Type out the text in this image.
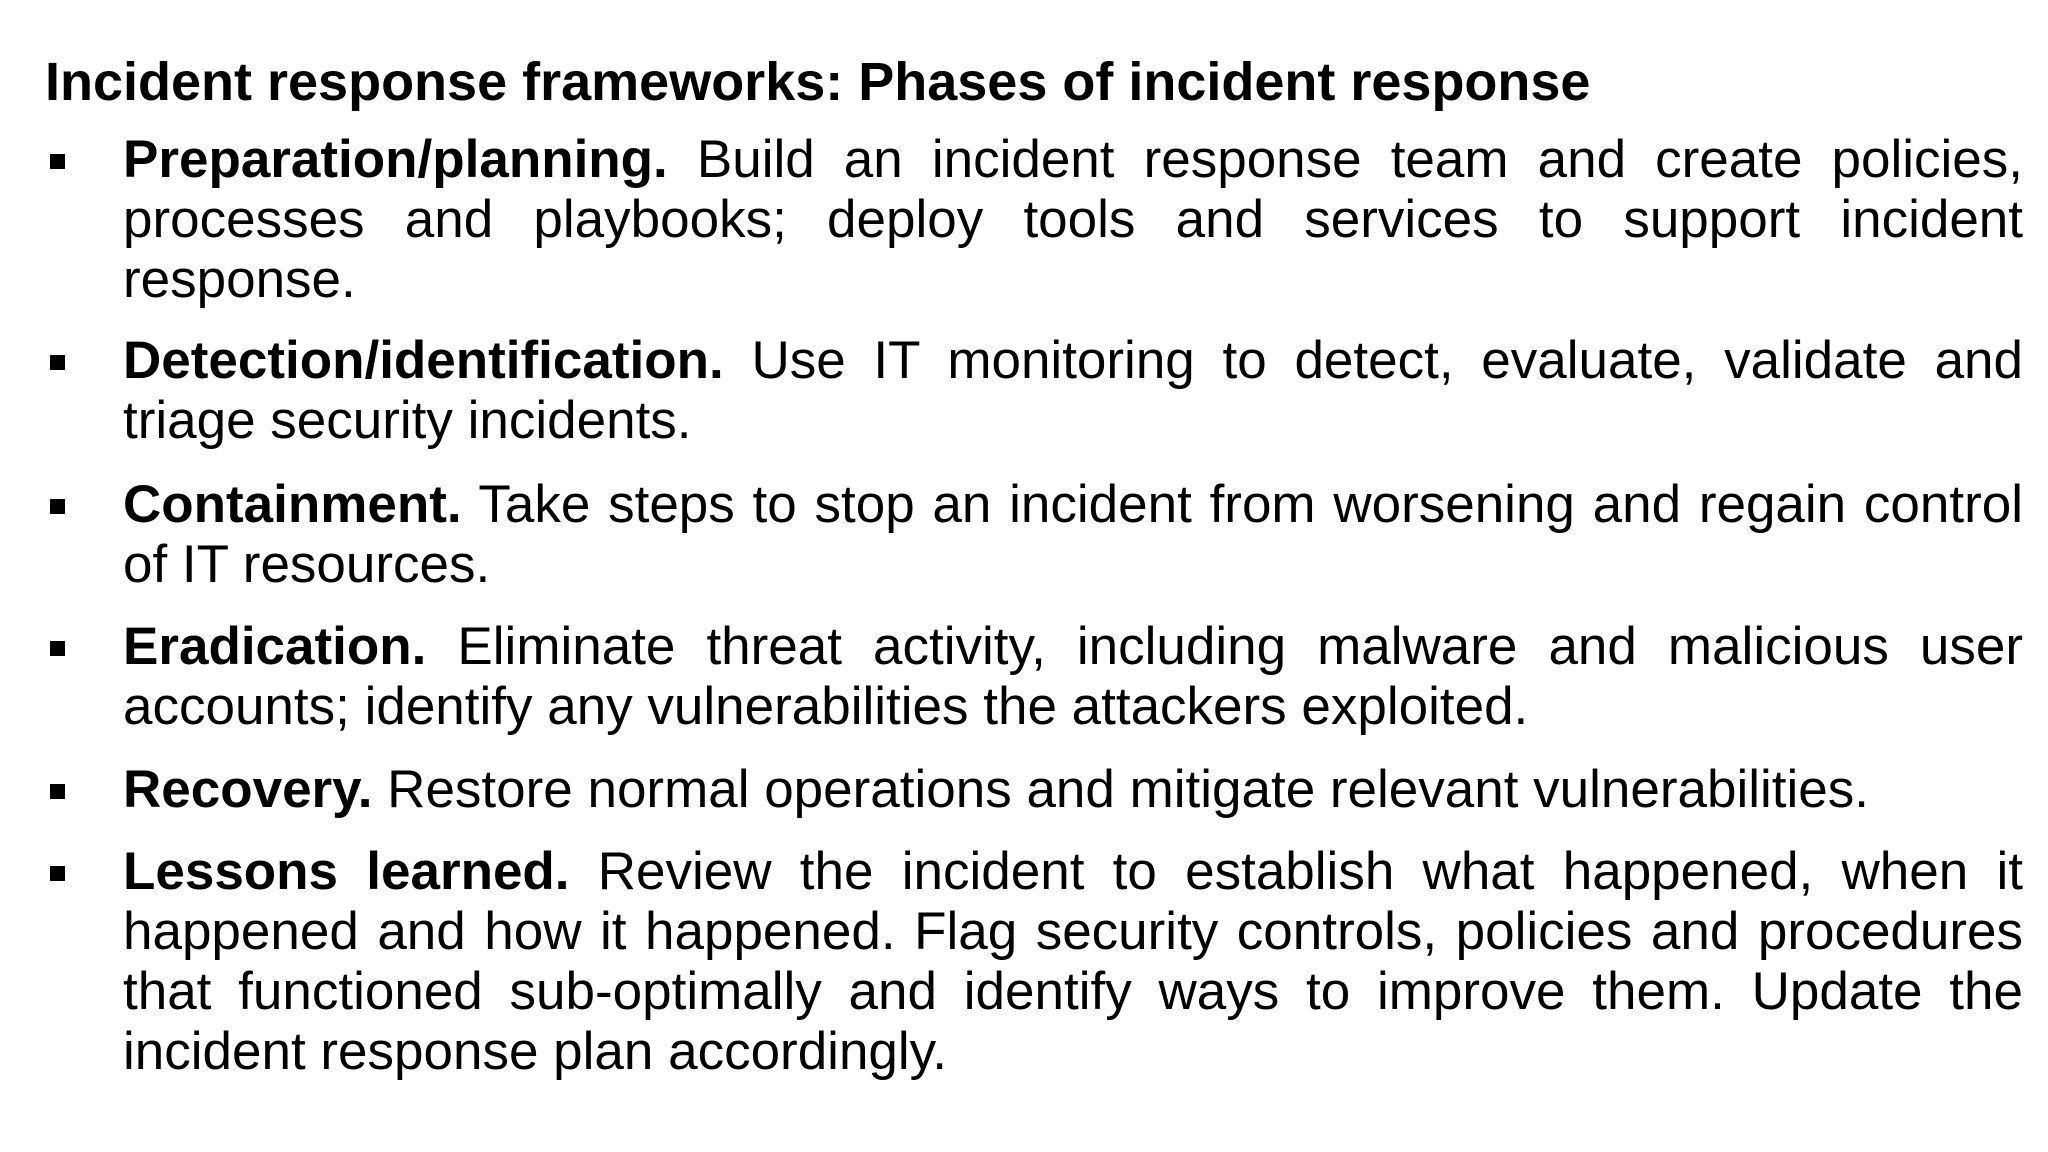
Incident response frameworks: Phases of incident response

Preparation/planning. Build an incident response team and create policies, processes and playbooks; deploy tools and services to support incident response.

Detection/identification. Use IT monitoring to detect, evaluate, validate and triage security incidents.

Containment. Take steps to stop an incident from worsening and regain control of IT resources.

Eradication. Eliminate threat activity, including malware and malicious user accounts; identify any vulnerabilities the attackers exploited.

Recovery. Restore normal operations and mitigate relevant vulnerabilities.

Lessons learned. Review the incident to establish what happened, when it happened and how it happened. Flag security controls, policies and procedures that functioned sub-optimally and identify ways to improve them. Update the incident response plan accordingly.
